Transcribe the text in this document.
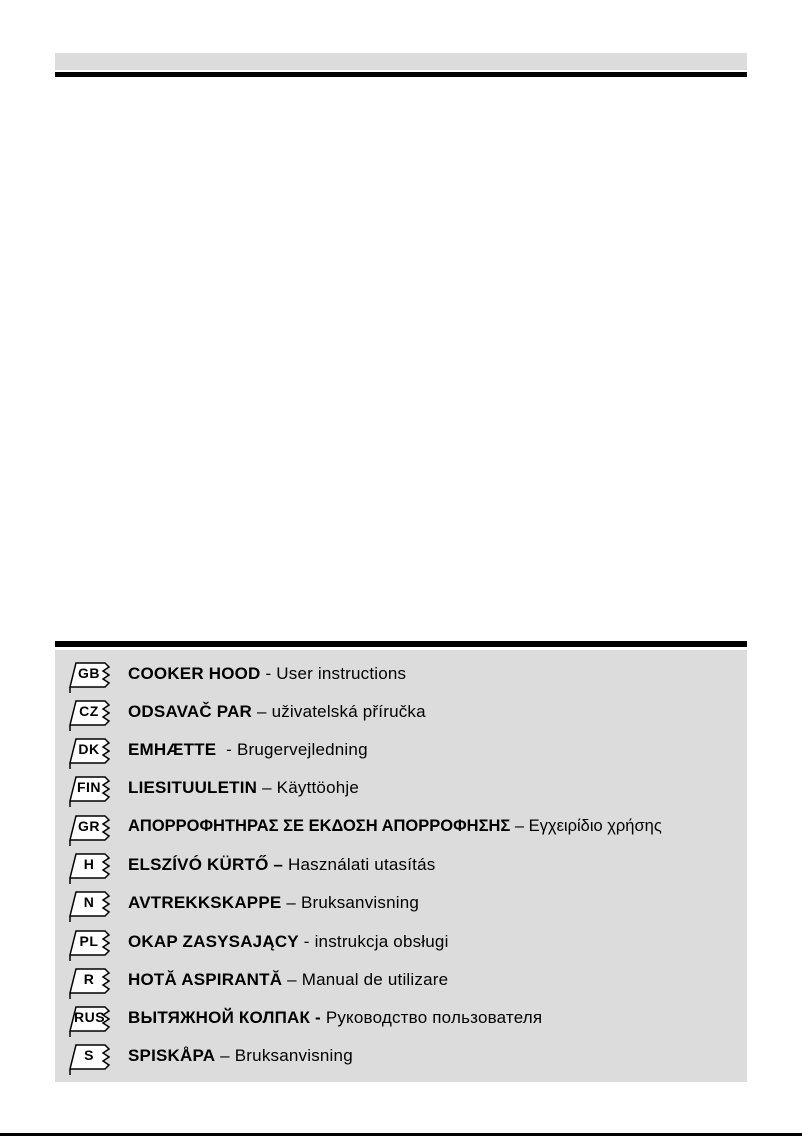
GB COOKER HOOD - User instructions
CZ	ODSAVAČ PAR – uživatelská příručka
DK EMHÆTTE  - Brugervejledning
FIN LIESITUULETIN – Käyttöohje
GR ΑΠΟΡΡΟΦΗΤΗΡΑΣ ΣΕ ΕΚΔΟΣΗ ΑΠΟΡΡΟΦΗΣΗΣ – Εγχειρίδιο χρήσης
H	ELSZÍVÓ KÜRTŐ – Használati utasítás
N	AVTREKKSKAPPE – Bruksanvisning
PL	OKAP ZASYSAJĄCY - instrukcja obsługi
R	HOTĂ ASPIRANTĂ – Manual de utilizare
RUS ВЫТЯЖНОЙ КОЛПАК - Руководство пользователя
S	SPISKÅPA – Bruksanvisning
